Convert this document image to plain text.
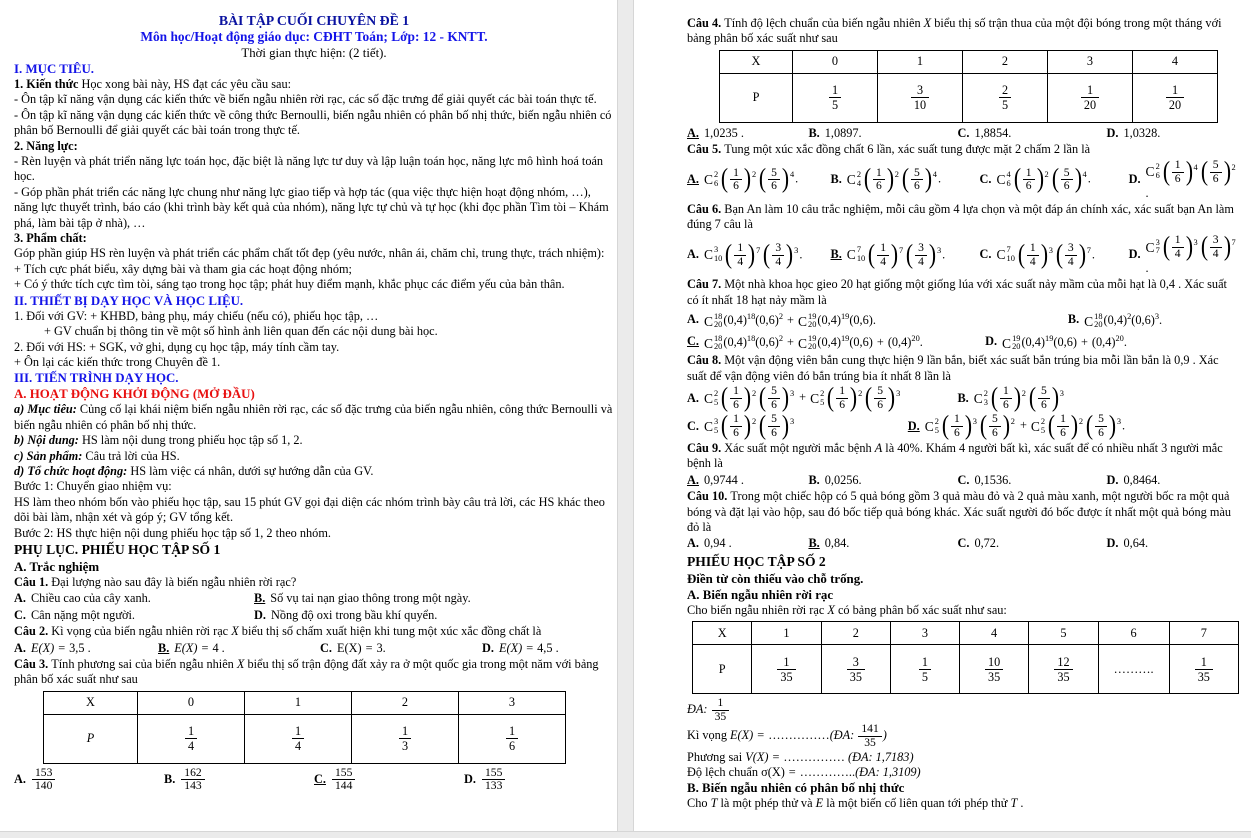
BÀI TẬP CUỐI CHUYÊN ĐỀ 1
Môn học/Hoạt động giáo dục: CĐHT Toán; Lớp: 12 - KNTT.
Thời gian thực hiện: (2 tiết).
I. MỤC TIÊU.
1. Kiến thức Học xong bài này, HS đạt các yêu cầu sau:
- Ôn tập kĩ năng vận dụng các kiến thức về biến ngẫu nhiên rời rạc, các số đặc trưng để giải quyết các bài toán thực tế.
- Ôn tập kĩ năng vận dụng các kiến thức về công thức Bernoulli, biến ngẫu nhiên có phân bố nhị thức, biến ngẫu nhiên có phân bố Bernoulli để giải quyết các bài toán trong thực tế.
2. Năng lực:
- Rèn luyện và phát triển năng lực toán học, đặc biệt là năng lực tư duy và lập luận toán học, năng lực mô hình hoá toán học.
- Góp phần phát triển các năng lực chung như năng lực giao tiếp và hợp tác (qua việc thực hiện hoạt động nhóm, …), năng lực thuyết trình, báo cáo (khi trình bày kết quả của nhóm), năng lực tự chủ và tự học (khi đọc phần Tìm tòi – Khám phá, làm bài tập ở nhà), …
3. Phẩm chất:
Góp phần giúp HS rèn luyện và phát triển các phẩm chất tốt đẹp (yêu nước, nhân ái, chăm chỉ, trung thực, trách nhiệm):
+ Tích cực phát biểu, xây dựng bài và tham gia các hoạt động nhóm;
+ Có ý thức tích cực tìm tòi, sáng tạo trong học tập; phát huy điểm mạnh, khắc phục các điểm yếu của bản thân.
II. THIẾT BỊ DẠY HỌC VÀ HỌC LIỆU.
1. Đối với GV: + KHBD, bảng phụ, máy chiếu (nếu có), phiếu học tập, …
+ GV chuẩn bị thông tin về một số hình ảnh liên quan đến các nội dung bài học.
2. Đối với HS: + SGK, vở ghi, dụng cụ học tập, máy tính cầm tay.
+ Ôn lại các kiến thức trong Chuyên đề 1.
III. TIẾN TRÌNH DẠY HỌC.
A. HOẠT ĐỘNG KHỞI ĐỘNG (MỞ ĐẦU)
a) Mục tiêu: Củng cố lại khái niệm biến ngẫu nhiên rời rạc, các số đặc trưng của biến ngẫu nhiên, công thức Bernoulli và biến ngẫu nhiên có phân bố nhị thức.
b) Nội dung: HS làm nội dung trong phiếu học tập số 1, 2.
c) Sản phẩm: Câu trả lời của HS.
d) Tổ chức hoạt động: HS làm việc cá nhân, dưới sự hướng dẫn của GV.
Bước 1: Chuyển giao nhiệm vụ:
HS làm theo nhóm bốn vào phiếu học tập, sau 15 phút GV gọi đại diện các nhóm trình bày câu trả lời, các HS khác theo dõi bài làm, nhận xét và góp ý; GV tổng kết.
Bước 2: HS thực hiện nội dung phiếu học tập số 1, 2 theo nhóm.
PHỤ LỤC. PHIẾU HỌC TẬP SỐ 1
A. Trắc nghiệm
Câu 1. Đại lượng nào sau đây là biến ngẫu nhiên rời rạc?
A. Chiều cao của cây xanh.	B. Số vụ tai nạn giao thông trong một ngày.
C. Cân nặng một người.	D. Nồng độ oxi trong bầu khí quyển.
Câu 2. Kì vọng của biến ngẫu nhiên rời rạc X biểu thị số chấm xuất hiện khi tung một xúc xắc đồng chất là
A. E(X) = 3,5 .	B. E(X) = 4 .	C. E(X) = 3.	D. E(X) = 4,5 .
Câu 3. Tính phương sai của biến ngẫu nhiên X biểu thị số trận động đất xảy ra ở một quốc gia trong một năm với bảng phân bố xác suất như sau
X	0	1	2	3
P	$\frac{1}{4}$	$\frac{1}{4}$	$\frac{1}{3}$	$\frac{1}{6}$
A. $\frac{153}{140}$	B. $\frac{162}{143}$	C. $\frac{155}{144}$	D. $\frac{155}{133}$
Câu 4. Tính độ lệch chuẩn của biến ngẫu nhiên X biểu thị số trận thua của một đội bóng trong một tháng với bảng phân bố xác suất như sau
X	0	1	2	3	4
P	$\frac{1}{5}$	$\frac{3}{10}$	$\frac{2}{5}$	$\frac{1}{20}$	$\frac{1}{20}$
A. 1,0235 .	B. 1,0897.	C. 1,8854.	D. 1,0328.
Câu 5. Tung một xúc xắc đồng chất 6 lần, xác suất tung được mặt 2 chấm 2 lần là
A. C 2
6 ( 1
6 ) 2 ( 5
6 ) 4 .	B. C 2
4 ( 1
6 ) 2 ( 5
6 ) 4 .	C. C 4
6 ( 1
6 ) 2 ( 5
6 ) 4 .	D. C 2
6 ( 1
6 ) 4 ( 5
6 ) 2
.
Câu 6. Bạn An làm 10 câu trắc nghiệm, mỗi câu gồm 4 lựa chọn và một đáp án chính xác, xác suất bạn An làm đúng 7 câu là
A. C 3
10 ( 1
4 ) 7 ( 3
4 ) 3 . B. C 7
10 ( 1
4 ) 7 ( 3
4 ) 3 .	C. C 7
10 ( 1
4 ) 3 ( 3
4 ) 7 .	D. C 3
7 ( 1
4 ) 3 ( 3
4 ) 7
.
Câu 7. Một nhà khoa học gieo 20 hạt giống một giống lúa với xác suất nảy mầm của mỗi hạt là 0,4 . Xác suất có ít nhất 18 hạt nảy mầm là
A. C 18
20 $(0,4)^{18}(0,6)^2 + C$ 19
20 $(0,4)^{19}(0,6)$.	B. C 18
20 $(0,4)^2(0,6)^3$.
C. C 18
20 $(0,4)^{18}(0,6)^2 + C$ 19
20 $(0,4)^{19}(0,6) + (0,4)^{20}$.	D. C 19
20 $(0,4)^{19}(0,6) + (0,4)^{20}$.
Câu 8. Một vận động viên bắn cung thực hiện 9 lần bắn, biết xác suất bắn trúng bia mỗi lần bắn là 0,9 . Xác suất để vận động viên đó bắn trúng bia ít nhất 8 lần là
A. C 2
5 ( 1
6 ) 2 ( 5
6 ) 3 + C 2
5 ( 1
6 ) 2 ( 5
6 ) 3	B. C 2
3 ( 1
6 ) 2 ( 5
6 ) 3
C. C 3
5 ( 1
6 ) 2 ( 5
6 ) 3	D. C 2
5 ( 1
6 ) 3 ( 5
6 ) 2 + C 2
5 ( 1
6 ) 2 ( 5
6 ) 3 .
Câu 9. Xác suất một người mắc bệnh A là 40%. Khám 4 người bất kì, xác suất để có nhiều nhất 3 người mắc bệnh là
A. 0,9744 .	B. 0,0256.	C. 0,1536.	D. 0,8464.
Câu 10. Trong một chiếc hộp có 5 quả bóng gồm 3 quả màu đỏ và 2 quả màu xanh, một người bốc ra một quả bóng và đặt lại vào hộp, sau đó bốc tiếp quả bóng khác. Xác suất người đó bốc được ít nhất một quả bóng màu đỏ là
A. 0,94 .	B. 0,84.	C. 0,72.	D. 0,64.
PHIẾU HỌC TẬP SỐ 2
Điền từ còn thiếu vào chỗ trống.
A. Biến ngẫu nhiên rời rạc
Cho biến ngẫu nhiên rời rạc X có bảng phân bố xác suất như sau:
X	1	2	3	4	5	6	7
P	$\frac{1}{35}$	$\frac{3}{35}$	$\frac{1}{5}$	$\frac{10}{35}$	$\frac{12}{35}$	……….	$\frac{1}{35}$
ĐA: $\frac{1}{35}$
Kì vọng E(X) = ……………(ĐA: $\frac{141}{35}$ )
Phương sai V(X) = …………… (ĐA: 1,7183)
Độ lệch chuẩn σ(X) = …………..(ĐA: 1,3109)
B. Biến ngẫu nhiên có phân bố nhị thức
Cho T là một phép thử và E là một biến cố liên quan tới phép thử T .
